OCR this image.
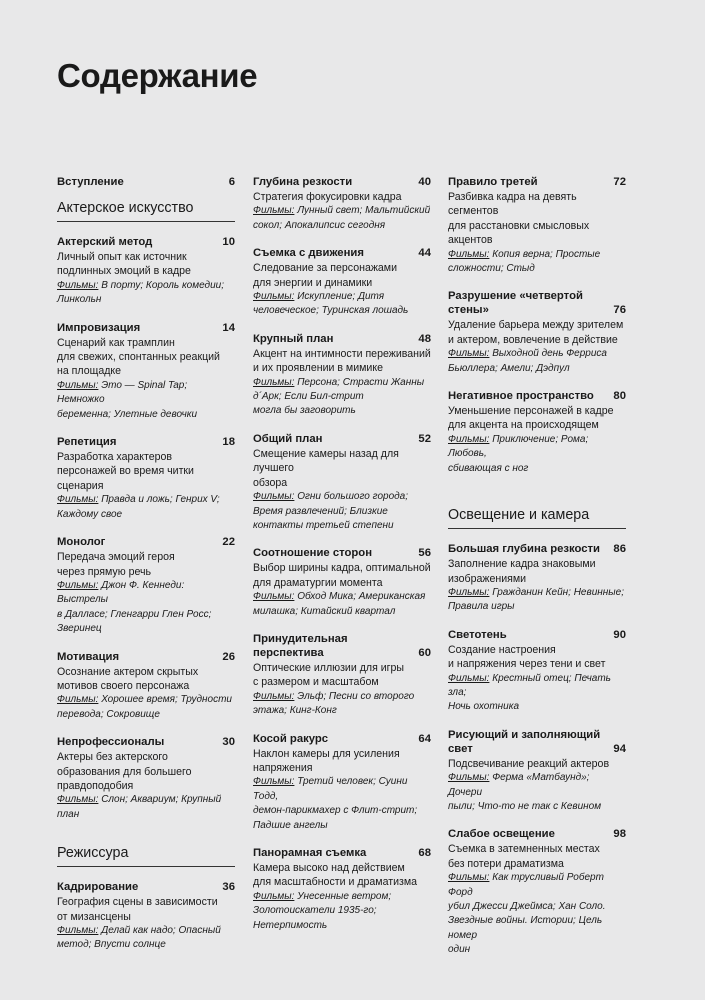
Содержание
Вступление	6
Актерское искусство
Актерский метод	10
Личный опыт как источник
подлинных эмоций в кадре
Фильмы: В порту; Король комедии;
Линкольн
Импровизация	14
Сценарий как трамплин
для свежих, спонтанных реакций
на площадке
Фильмы: Это — Spinal Tap; Немножко
беременна; Улетные девочки
Репетиция	18
Разработка характеров
персонажей во время читки
сценария
Фильмы: Правда и ложь; Генрих V;
Каждому свое
Монолог	22
Передача эмоций героя
через прямую речь
Фильмы: Джон Ф. Кеннеди: Выстрелы
в Далласе; Гленгарри Глен Росс;
Зверинец
Мотивация	26
Осознание актером скрытых
мотивов своего персонажа
Фильмы: Хорошее время; Трудности
перевода; Сокровище
Непрофессионалы	30
Актеры без актерского
образования для большего
правдоподобия
Фильмы: Слон; Аквариум; Крупный
план
Режиссура
Кадрирование	36
География сцены в зависимости
от мизансцены
Фильмы: Делай как надо; Опасный
метод; Впусти солнце
Глубина резкости	40
Стратегия фокусировки кадра
Фильмы: Лунный свет; Мальтийский
сокол; Апокалипсис сегодня
Съемка с движения	44
Следование за персонажами
для энергии и динамики
Фильмы: Искупление; Дитя
человеческое; Туринская лошадь
Крупный план	48
Акцент на интимности переживаний
и их проявлении в мимике
Фильмы: Персона; Страсти Жанны
д´Арк; Если Бил-стрит
могла бы заговорить
Общий план	52
Смещение камеры назад для лучшего
обзора
Фильмы: Огни большого города;
Время развлечений; Близкие
контакты третьей степени
Соотношение сторон	56
Выбор ширины кадра, оптимальной
для драматургии момента
Фильмы: Обход Мика; Американская
милашка; Китайский квартал
Принудительная перспектива	60
Оптические иллюзии для игры
с размером и масштабом
Фильмы: Эльф; Песни со второго
этажа; Кинг-Конг
Косой ракурс	64
Наклон камеры для усиления
напряжения
Фильмы: Третий человек; Суини Тодд,
демон-парикмахер с Флит-стрит;
Падшие ангелы
Панорамная съемка	68
Камера высоко над действием
для масштабности и драматизма
Фильмы: Унесенные ветром;
Золотоискатели 1935-го;
Нетерпимость
Правило третей	72
Разбивка кадра на девять сегментов
для расстановки смысловых
акцентов
Фильмы: Копия верна; Простые
сложности; Стыд
Разрушение «четвертой стены»	76
Удаление барьера между зрителем
и актером, вовлечение в действие
Фильмы: Выходной день Ферриса
Бьюллера; Амели; Дэдпул
Негативное пространство	80
Уменьшение персонажей в кадре
для акцента на происходящем
Фильмы: Приключение; Рома; Любовь,
сбивающая с ног
Освещение и камера
Большая глубина резкости	86
Заполнение кадра знаковыми
изображениями
Фильмы: Гражданин Кейн; Невинные;
Правила игры
Светотень	90
Создание настроения
и напряжения через тени и свет
Фильмы: Крестный отец; Печать зла;
Ночь охотника
Рисующий и заполняющий свет	94
Подсвечивание реакций актеров
Фильмы: Ферма «Матбаунд»; Дочери
пыли; Что-то не так с Кевином
Слабое освещение	98
Съемка в затемненных местах
без потери драматизма
Фильмы: Как трусливый Роберт Форд
убил Джесси Джеймса; Хан Соло.
Звездные войны. Истории; Цель номер
один
